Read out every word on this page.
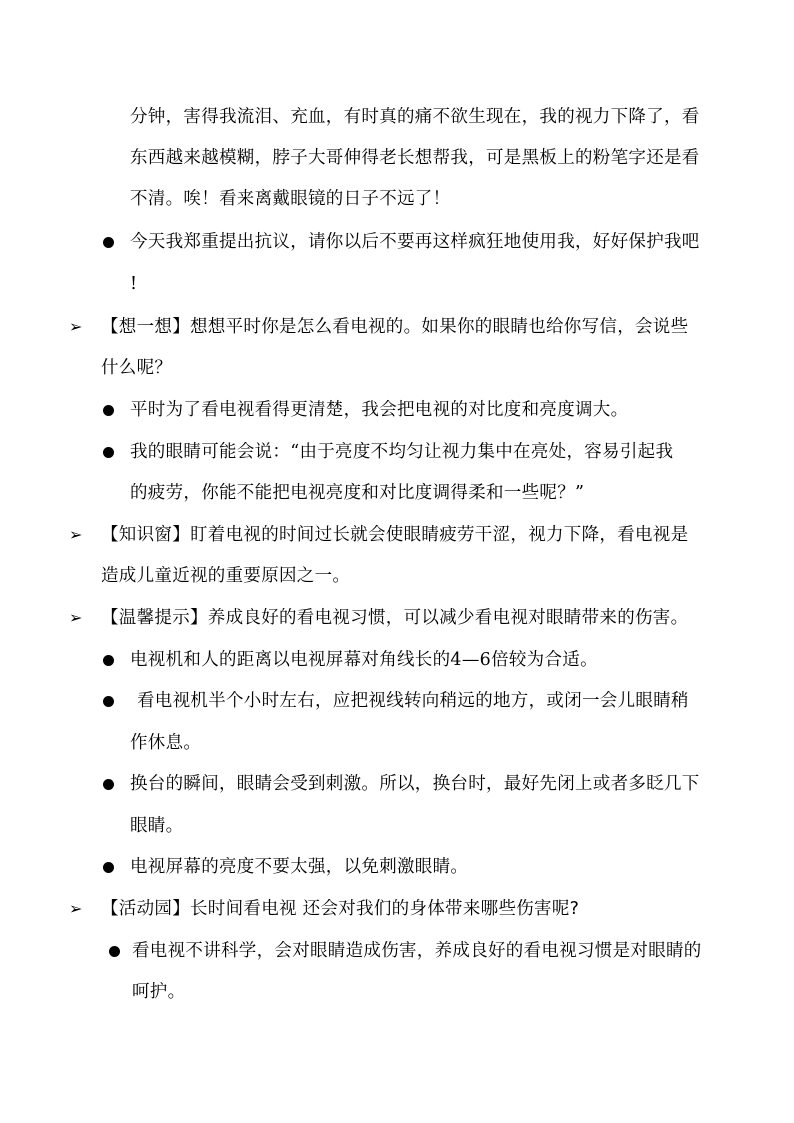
分钟，害得我流泪、充血，有时真的痛不欲生现在，我的视力下降了，看
东西越来越模糊，脖子大哥伸得老长想帮我，可是黑板上的粉笔字还是看
不清。唉！看来离戴眼镜的日子不远了！
今天我郑重提出抗议，请你以后不要再这样疯狂地使用我，好好保护我吧
!
➢ 【想一想】想想平时你是怎么看电视的。如果你的眼睛也给你写信，会说些
什么呢？
平时为了看电视看得更清楚，我会把电视的对比度和亮度调大。
我的眼睛可能会说：“由于亮度不均匀让视力集中在亮处，容易引起我
的疲劳，你能不能把电视亮度和对比度调得柔和一些呢？”
➢ 【知识窗】盯着电视的时间过长就会使眼睛疲劳干涩，视力下降，看电视是
造成儿童近视的重要原因之一。
➢ 【温馨提示】养成良好的看电视习惯，可以减少看电视对眼睛带来的伤害。
电视机和人的距离以电视屏幕对角线长的4—6倍较为合适。
看电视机半个小时左右，应把视线转向稍远的地方，或闭一会儿眼睛稍
作休息。
换台的瞬间，眼睛会受到刺激。所以，换台时，最好先闭上或者多眨几下
眼睛。
电视屏幕的亮度不要太强，以免刺激眼睛。
➢ 【活动园】长时间看电视 还会对我们的身体带来哪些伤害呢?
看电视不讲科学，会对眼睛造成伤害，养成良好的看电视习惯是对眼睛的
呵护。
